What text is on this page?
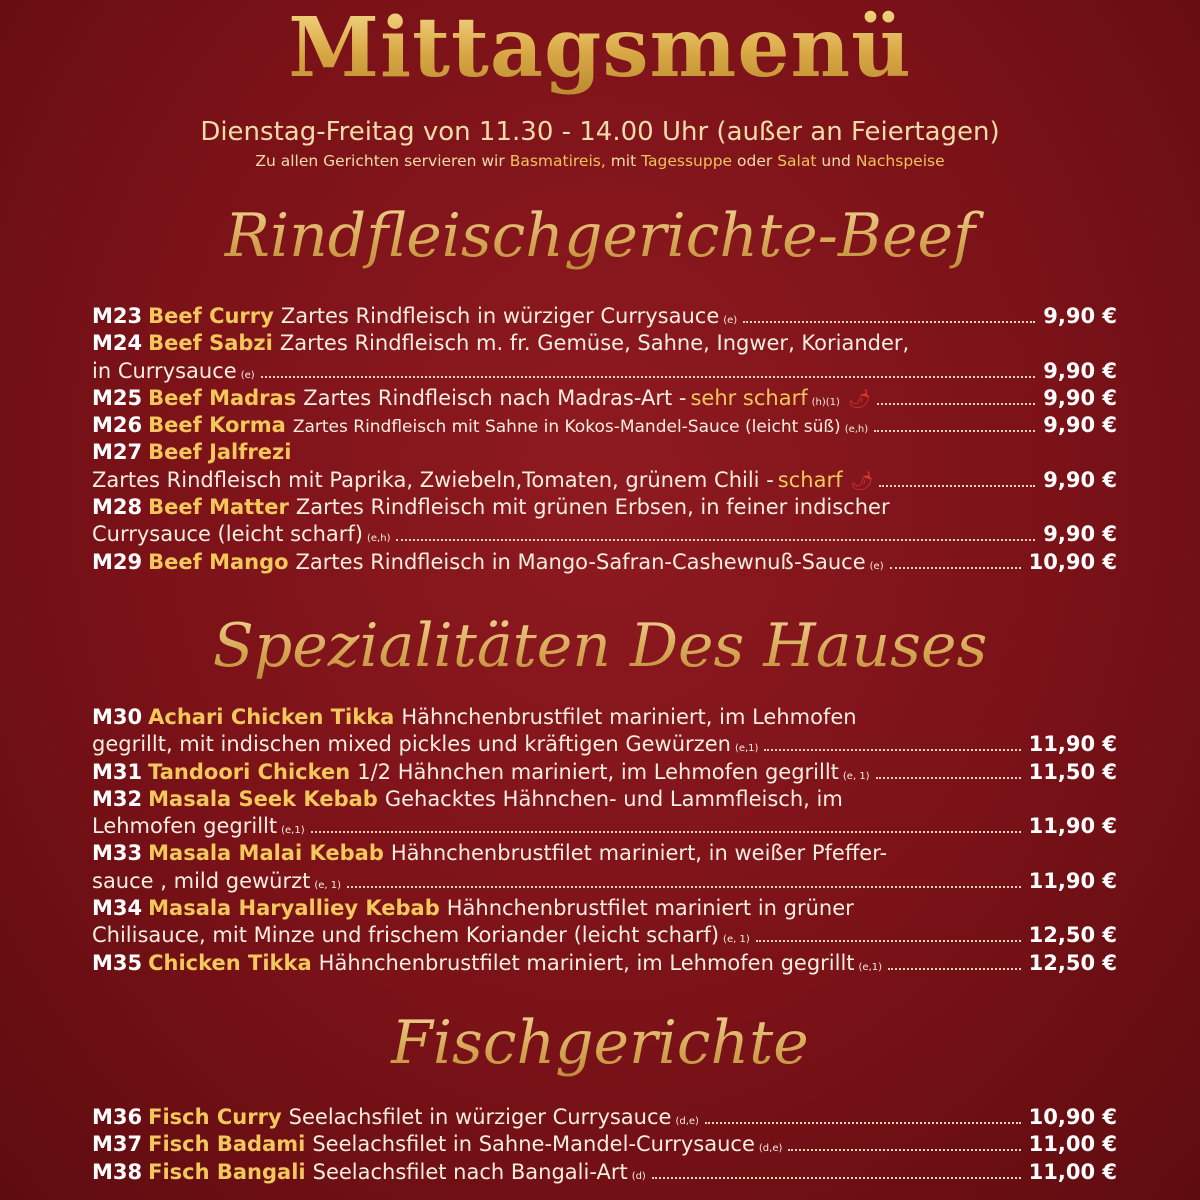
Mittagsmenü
Dienstag-Freitag von 11.30 - 14.00 Uhr (außer an Feiertagen)
Zu allen Gerichten servieren wir Basmatireis, mit Tagessuppe oder Salat und Nachspeise
Rindfleischgerichte-Beef
M23 Beef Curry Zartes Rindfleisch in würziger Currysauce (e)	9,90 €
M24 Beef Sabzi Zartes Rindfleisch m. fr. Gemüse, Sahne, Ingwer, Koriander,
in Currysauce (e)	9,90 €
M25 Beef Madras Zartes Rindfleisch nach Madras-Art - sehr scharf (h)(1) 🌶	9,90 €
M26 Beef Korma Zartes Rindfleisch mit Sahne in Kokos-Mandel-Sauce (leicht süß) (e,h)	9,90 €
M27 Beef Jalfrezi
Zartes Rindfleisch mit Paprika, Zwiebeln,Tomaten, grünem Chili - scharf 🌶	9,90 €
M28 Beef Matter Zartes Rindfleisch mit grünen Erbsen, in feiner indischer
Currysauce (leicht scharf) (e,h)	9,90 €
M29 Beef Mango Zartes Rindfleisch in Mango-Safran-Cashewnuß-Sauce (e)	10,90 €
Spezialitäten Des Hauses
M30 Achari Chicken Tikka Hähnchenbrustfilet mariniert, im Lehmofen
gegrillt, mit indischen mixed pickles und kräftigen Gewürzen (e,1)	11,90 €
M31 Tandoori Chicken 1/2 Hähnchen mariniert, im Lehmofen gegrillt (e, 1)	11,50 €
M32 Masala Seek Kebab Gehacktes Hähnchen- und Lammfleisch, im
Lehmofen gegrillt (e,1)	11,90 €
M33 Masala Malai Kebab Hähnchenbrustfilet mariniert, in weißer Pfeffer-
sauce , mild gewürzt (e, 1)	11,90 €
M34 Masala Haryalliey Kebab Hähnchenbrustfilet mariniert in grüner
Chilisauce, mit Minze und frischem Koriander (leicht scharf) (e, 1)	12,50 €
M35 Chicken Tikka Hähnchenbrustfilet mariniert, im Lehmofen gegrillt (e,1)	12,50 €
Fischgerichte
M36 Fisch Curry Seelachsfilet in würziger Currysauce (d,e)	10,90 €
M37 Fisch Badami Seelachsfilet in Sahne-Mandel-Currysauce (d,e)	11,00 €
M38 Fisch Bangali Seelachsfilet nach Bangali-Art (d)	11,00 €
